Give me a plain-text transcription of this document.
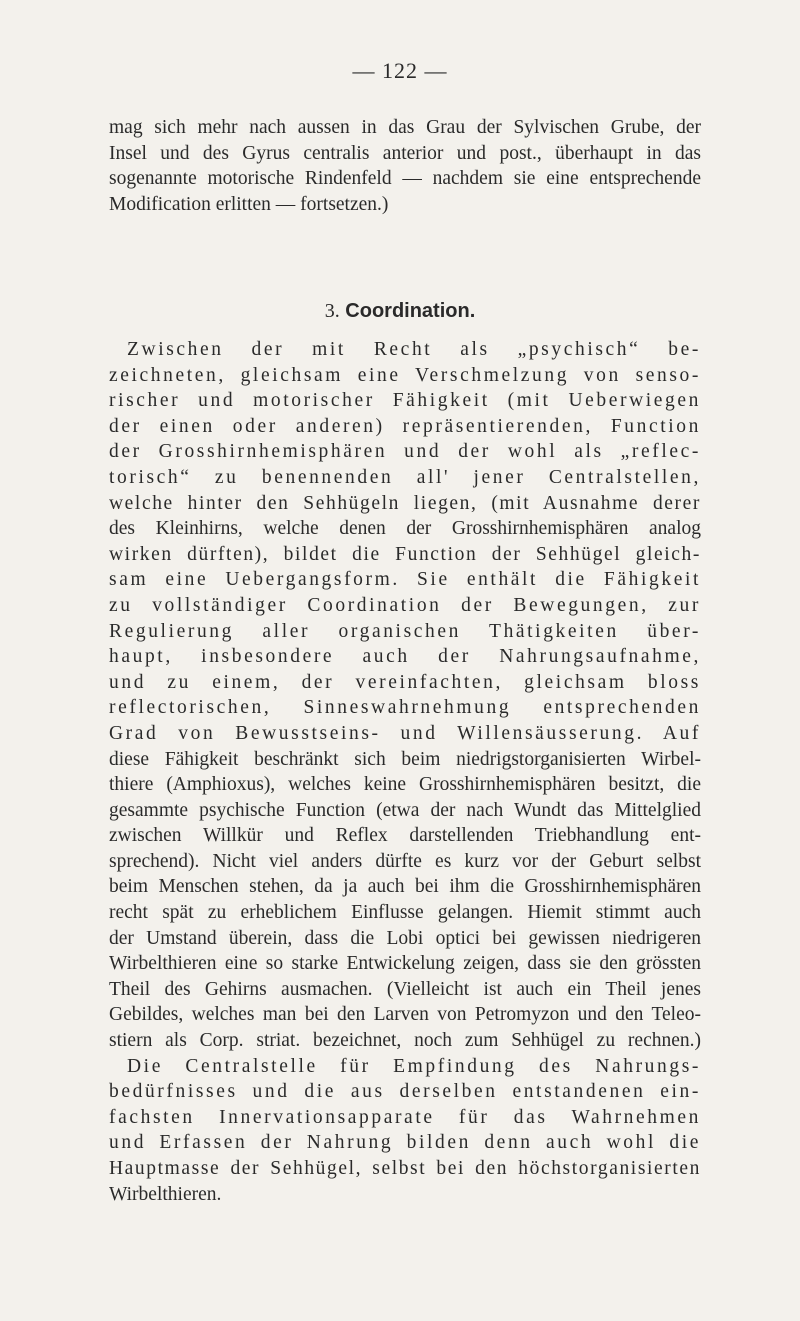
— 122 —
mag sich mehr nach aussen in das Grau der Sylvischen Grube, der
Insel und des Gyrus centralis anterior und post., überhaupt in das
sogenannte motorische Rindenfeld — nachdem sie eine entsprechende
Modification erlitten — fortsetzen.)
3. Coordination.
Zwischen der mit Recht als „psychisch“ be-
zeichneten, gleichsam eine Verschmelzung von senso-
rischer und motorischer Fähigkeit (mit Ueberwiegen
der einen oder anderen) repräsentierenden, Function
der Grosshirnhemisphären und der wohl als „reflec-
torisch“ zu benennenden all' jener Centralstellen,
welche hinter den Sehhügeln liegen, (mit Ausnahme derer
des Kleinhirns, welche denen der Grosshirnhemisphären analog
wirken dürften), bildet die Function der Sehhügel gleich-
sam eine Uebergangsform. Sie enthält die Fähigkeit
zu vollständiger Coordination der Bewegungen, zur
Regulierung aller organischen Thätigkeiten über-
haupt, insbesondere auch der Nahrungsaufnahme,
und zu einem, der vereinfachten, gleichsam bloss
reflectorischen, Sinneswahrnehmung entsprechenden
Grad von Bewusstseins- und Willensäusserung. Auf
diese Fähigkeit beschränkt sich beim niedrigstorganisierten Wirbel-
thiere (Amphioxus), welches keine Grosshirnhemisphären besitzt, die
gesammte psychische Function (etwa der nach Wundt das Mittelglied
zwischen Willkür und Reflex darstellenden Triebhandlung ent-
sprechend). Nicht viel anders dürfte es kurz vor der Geburt selbst
beim Menschen stehen, da ja auch bei ihm die Grosshirnhemisphären
recht spät zu erheblichem Einflusse gelangen. Hiemit stimmt auch
der Umstand überein, dass die Lobi optici bei gewissen niedrigeren
Wirbelthieren eine so starke Entwickelung zeigen, dass sie den grössten
Theil des Gehirns ausmachen. (Vielleicht ist auch ein Theil jenes
Gebildes, welches man bei den Larven von Petromyzon und den Teleo-
stiern als Corp. striat. bezeichnet, noch zum Sehhügel zu rechnen.)
Die Centralstelle für Empfindung des Nahrungs-
bedürfnisses und die aus derselben entstandenen ein-
fachsten Innervationsapparate für das Wahrnehmen
und Erfassen der Nahrung bilden denn auch wohl die
Hauptmasse der Sehhügel, selbst bei den höchstorganisierten
Wirbelthieren.
